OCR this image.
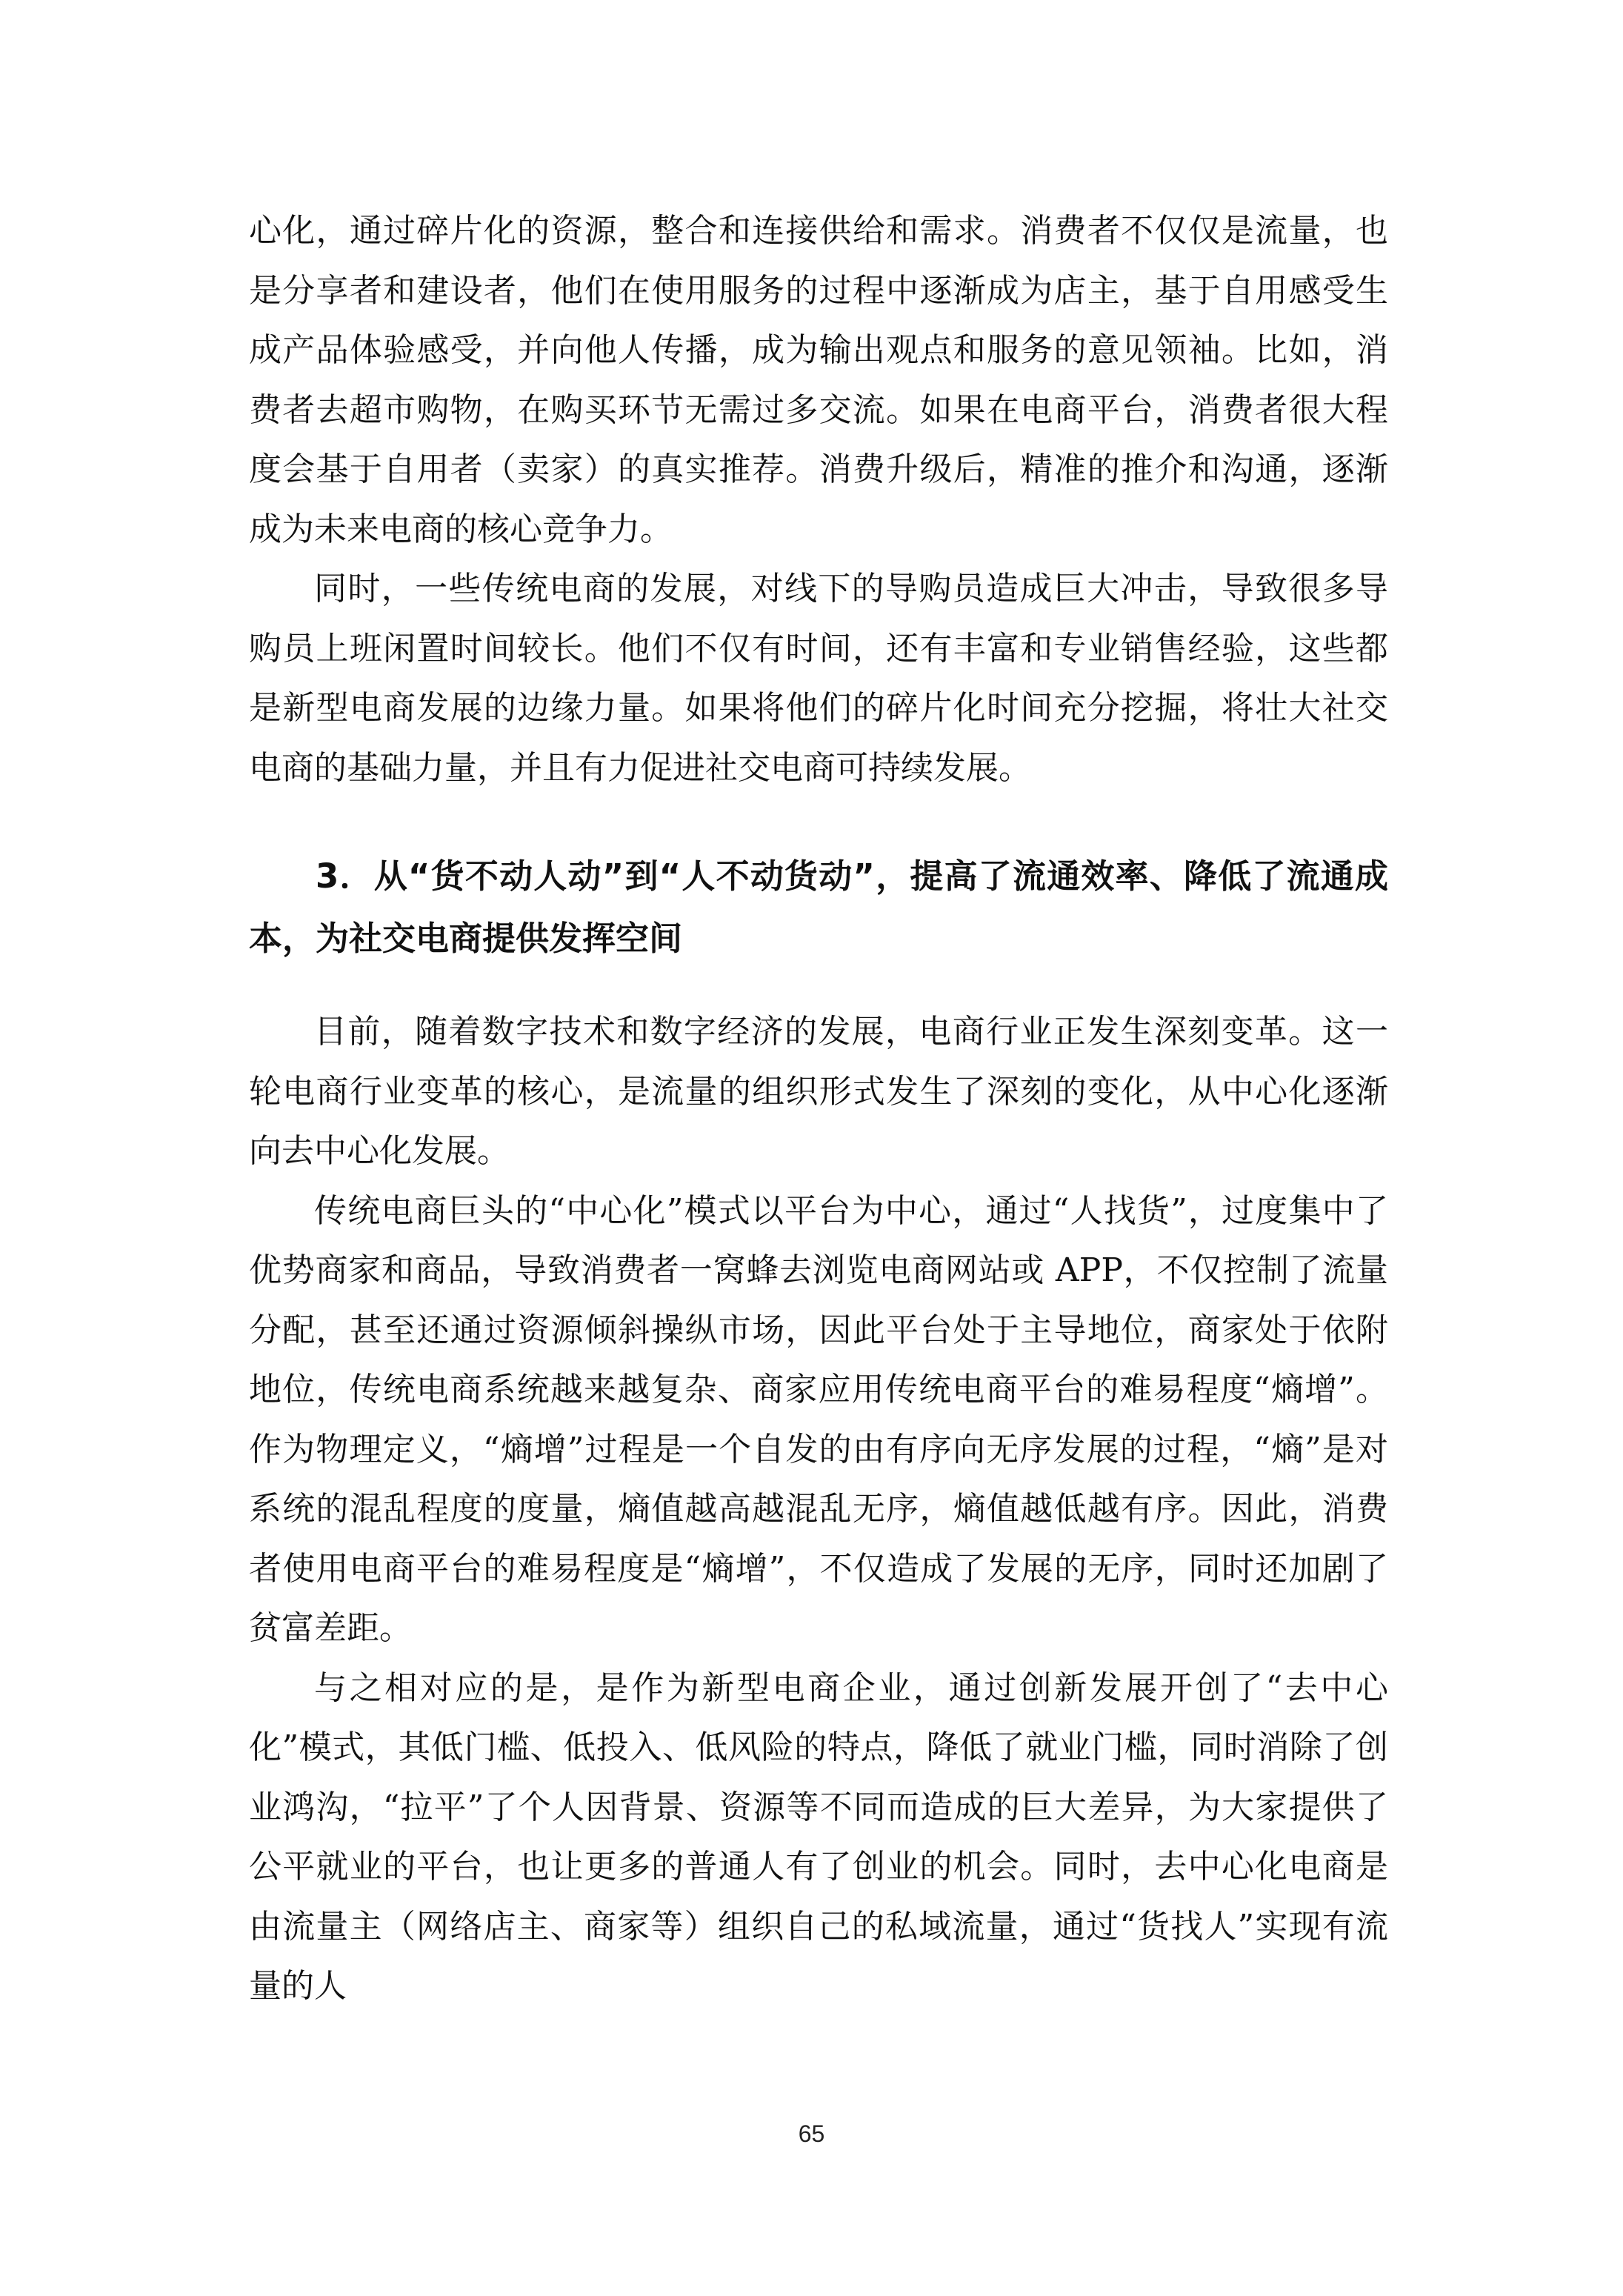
心化，通过碎片化的资源，整合和连接供给和需求。消费者不仅仅是流量，也是分享者和建设者，他们在使用服务的过程中逐渐成为店主，基于自用感受生成产品体验感受，并向他人传播，成为输出观点和服务的意见领袖。比如，消费者去超市购物，在购买环节无需过多交流。如果在电商平台，消费者很大程度会基于自用者（卖家）的真实推荐。消费升级后，精准的推介和沟通，逐渐成为未来电商的核心竞争力。

同时，一些传统电商的发展，对线下的导购员造成巨大冲击，导致很多导购员上班闲置时间较长。他们不仅有时间，还有丰富和专业销售经验，这些都是新型电商发展的边缘力量。如果将他们的碎片化时间充分挖掘，将壮大社交电商的基础力量，并且有力促进社交电商可持续发展。

3．从“货不动人动”到“人不动货动”，提高了流通效率、降低了流通成本，为社交电商提供发挥空间

目前，随着数字技术和数字经济的发展，电商行业正发生深刻变革。这一轮电商行业变革的核心，是流量的组织形式发生了深刻的变化，从中心化逐渐向去中心化发展。

传统电商巨头的“中心化”模式以平台为中心，通过“人找货”，过度集中了优势商家和商品，导致消费者一窝蜂去浏览电商网站或 APP，不仅控制了流量分配，甚至还通过资源倾斜操纵市场，因此平台处于主导地位，商家处于依附地位，传统电商系统越来越复杂、商家应用传统电商平台的难易程度“熵增”。作为物理定义，“熵增”过程是一个自发的由有序向无序发展的过程，“熵”是对系统的混乱程度的度量，熵值越高越混乱无序，熵值越低越有序。因此，消费者使用电商平台的难易程度是“熵增”，不仅造成了发展的无序，同时还加剧了贫富差距。

与之相对应的是，是作为新型电商企业，通过创新发展开创了“去中心化”模式，其低门槛、低投入、低风险的特点，降低了就业门槛，同时消除了创业鸿沟，“拉平”了个人因背景、资源等不同而造成的巨大差异，为大家提供了公平就业的平台，也让更多的普通人有了创业的机会。同时，去中心化电商是由流量主（网络店主、商家等）组织自己的私域流量，通过“货找人”实现有流量的人

65
